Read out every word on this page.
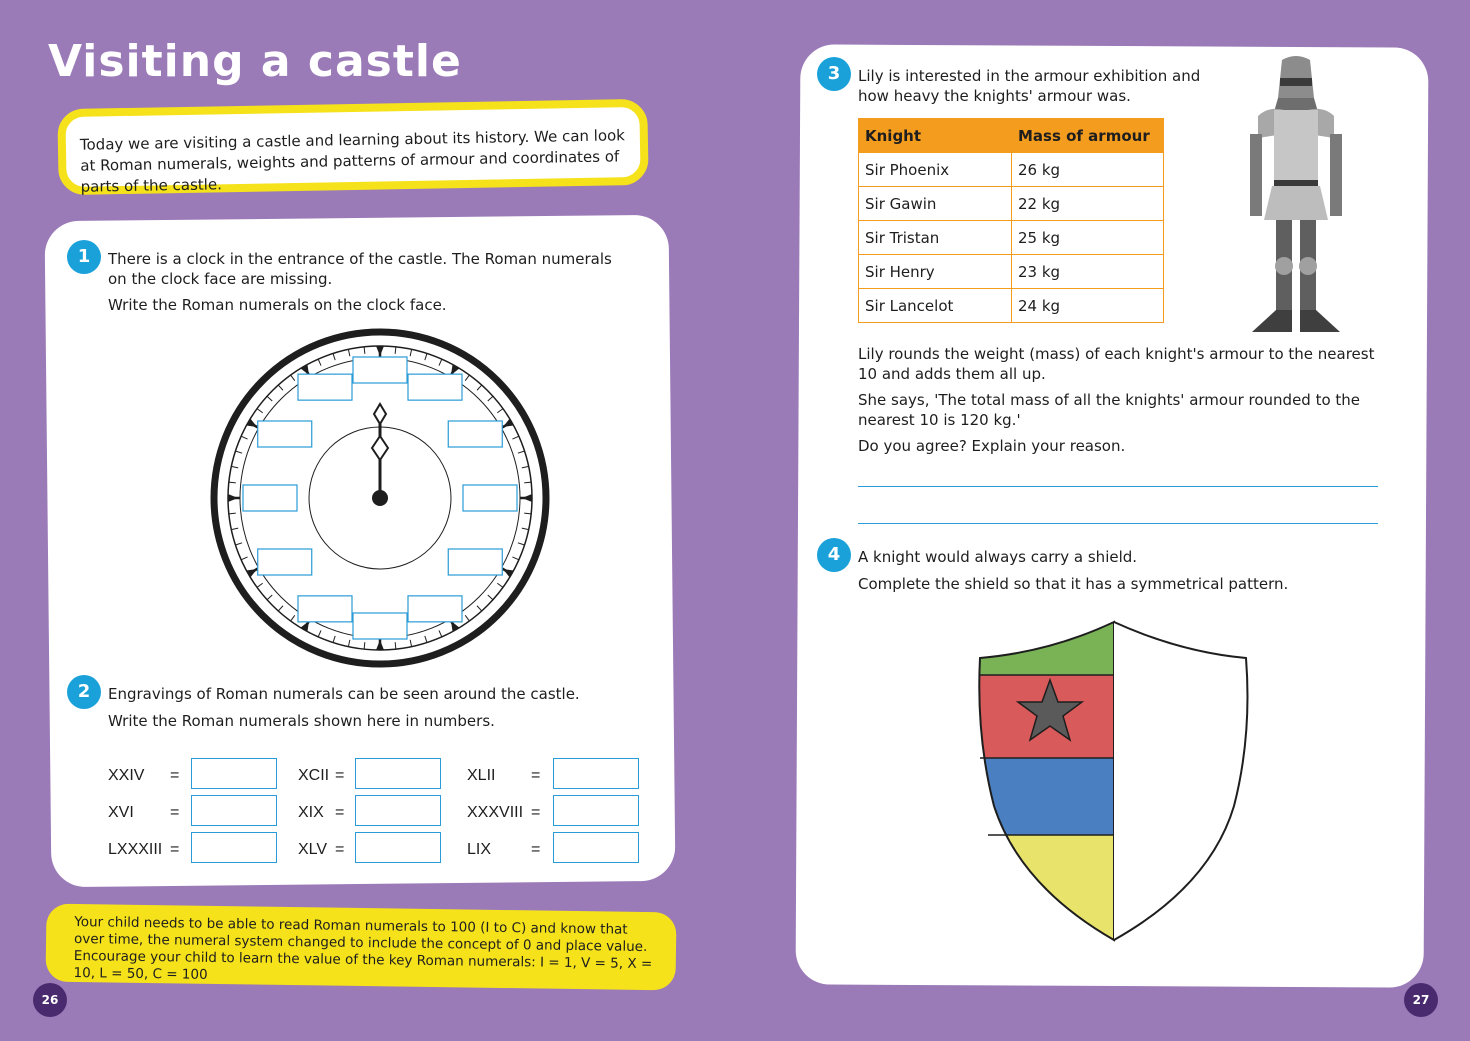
Visiting a castle
Today we are visiting a castle and learning about its history. We can look at Roman numerals, weights and patterns of armour and coordinates of parts of the castle.
1	There is a clock in the entrance of the castle. The Roman numerals on the clock face are missing.
Write the Roman numerals on the clock face.
2	Engravings of Roman numerals can be seen around the castle.
Write the Roman numerals shown here in numbers.
XXIV =	XCII =	XLII =
XVI =	XIX =	XXXVIII =
LXXXIII =	XLV =	LIX =
Your child needs to be able to read Roman numerals to 100 (I to C) and know that over time, the numeral system changed to include the concept of 0 and place value. Encourage your child to learn the value of the key Roman numerals: I = 1, V = 5, X = 10, L = 50, C = 100
26	27
3	Lily is interested in the armour exhibition and how heavy the knights' armour was.
Knight	Mass of armour
Sir Phoenix	26 kg
Sir Gawin	22 kg
Sir Tristan	25 kg
Sir Henry	23 kg
Sir Lancelot	24 kg
Lily rounds the weight (mass) of each knight's armour to the nearest 10 and adds them all up.
She says, 'The total mass of all the knights' armour rounded to the nearest 10 is 120 kg.'
Do you agree? Explain your reason.
4	A knight would always carry a shield.
Complete the shield so that it has a symmetrical pattern.
